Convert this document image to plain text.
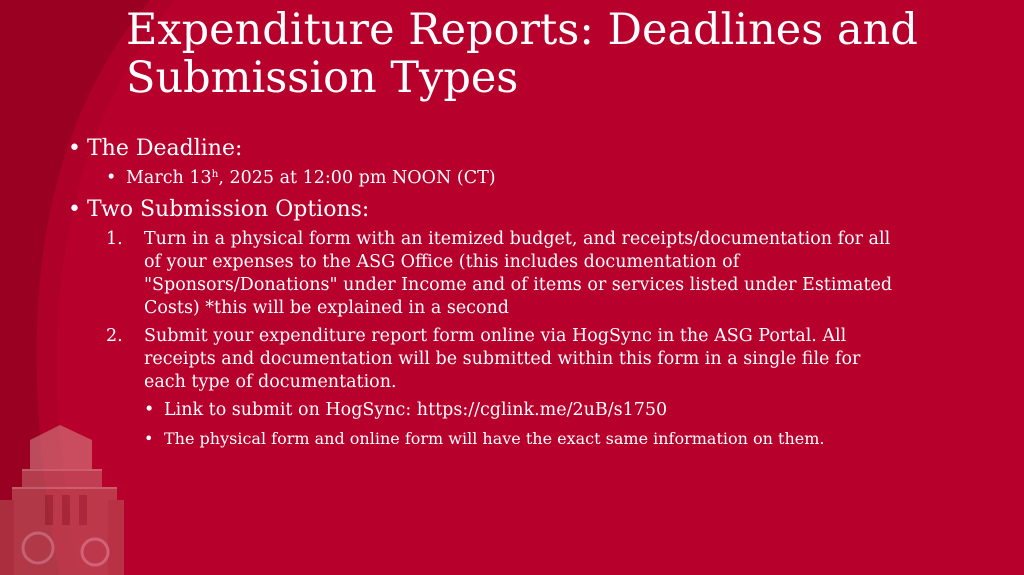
Expenditure Reports: Deadlines and Submission Types
• The Deadline:
• March 13$^h$, 2025 at 12:00 pm NOON (CT)
• Two Submission Options:
1. Turn in a physical form with an itemized budget, and receipts/documentation for all
of your expenses to the ASG Office (this includes documentation of
"Sponsors/Donations" under Income and of items or services listed under Estimated
Costs) *this will be explained in a second
2. Submit your expenditure report form online via HogSync in the ASG Portal. All
receipts and documentation will be submitted within this form in a single file for
each type of documentation.
• Link to submit on HogSync: https://cglink.me/2uB/s1750
• The physical form and online form will have the exact same information on them.
